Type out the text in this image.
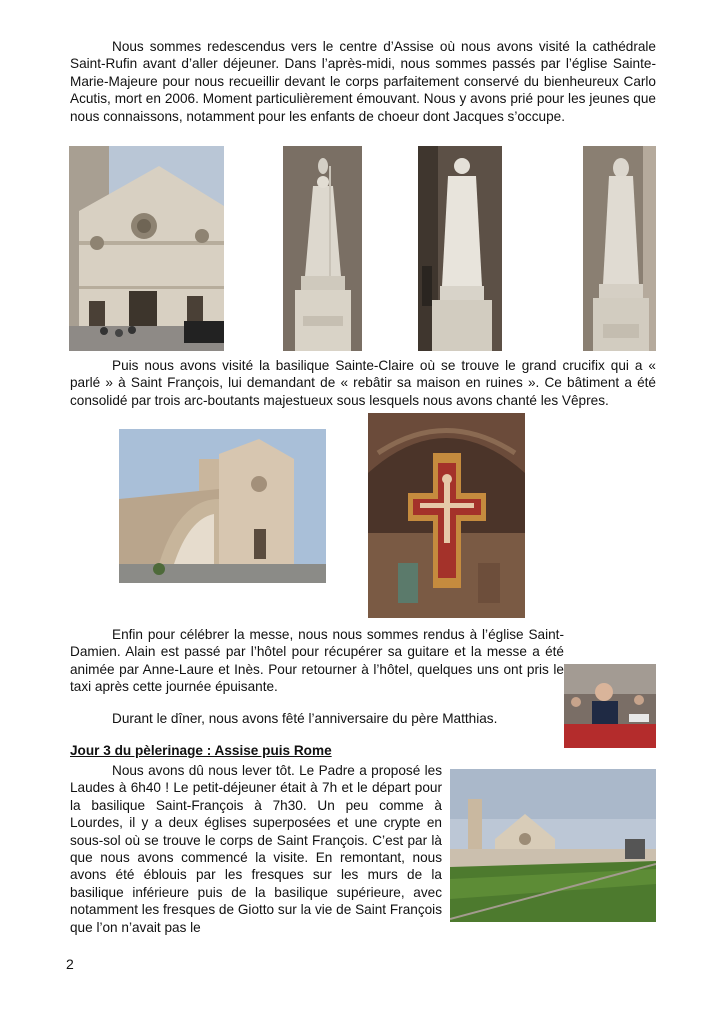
Nous sommes redescendus vers le centre d’Assise où nous avons visité la cathédrale Saint-Rufin avant d’aller déjeuner. Dans l’après-midi, nous sommes passés par l’église Sainte-Marie-Majeure pour nous recueillir devant le corps parfaitement conservé du bienheureux Carlo Acutis, mort en 2006. Moment particulièrement émouvant. Nous y avons prié pour les jeunes que nous connaissons, notamment pour les enfants de choeur dont Jacques s’occupe.

Puis nous avons visité la basilique Sainte-Claire où se trouve le grand crucifix qui a « parlé » à Saint François, lui demandant de « rebâtir sa maison en ruines ». Ce bâtiment a été consolidé par trois arc-boutants majestueux sous lesquels nous avons chanté les Vêpres.

Enfin pour célébrer la messe, nous nous sommes rendus à l’église Saint-Damien. Alain est passé par l’hôtel pour récupérer sa guitare et la messe a été animée par Anne-Laure et Inès. Pour retourner à l’hôtel, quelques uns ont pris le taxi après cette journée épuisante.

Durant le dîner, nous avons fêté l’anniversaire du père Matthias.

Jour 3 du pèlerinage : Assise puis Rome

Nous avons dû nous lever tôt. Le Padre a proposé les Laudes à 6h40 ! Le petit-déjeuner était à 7h et le départ pour la basilique Saint-François à 7h30. Un peu comme à Lourdes, il y a deux églises superposées et une crypte en sous-sol où se trouve le corps de Saint François. C’est par là que nous avons commencé la visite. En remontant, nous avons été éblouis par les fresques sur les murs de la basilique inférieure puis de la basilique supérieure, avec notamment les fresques de Giotto sur la vie de Saint François que l’on n’avait pas le

2
